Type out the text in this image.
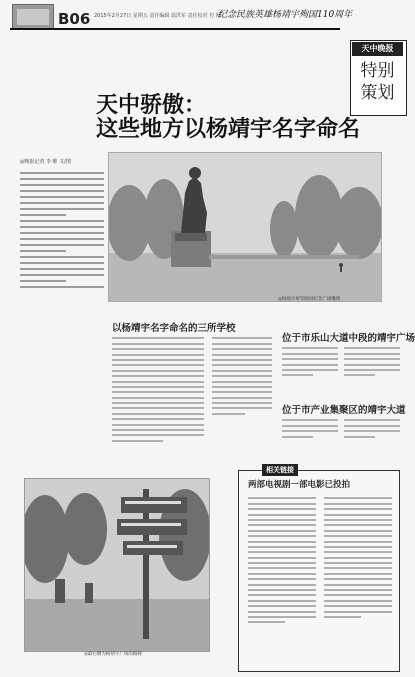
B06 2015年2月27日 星期五 责任编辑 温洪军 责任校对 付 刚
纪念民族英雄杨靖宇殉国110周年
天中晚报
特别
策划
天中骄傲：
这些地方以杨靖宇名字命名
◎晚报记者 李 维 文/图
◎杨靖宇将军陵园纪念广场雕像
以杨靖宇名字命名的三所学校
位于市乐山大道中段的靖宇广场
位于市产业集聚区的靖宇大道
相关链接
两部电视剧一部电影已投拍
◎最右侧为杨靖宇广场的路牌
